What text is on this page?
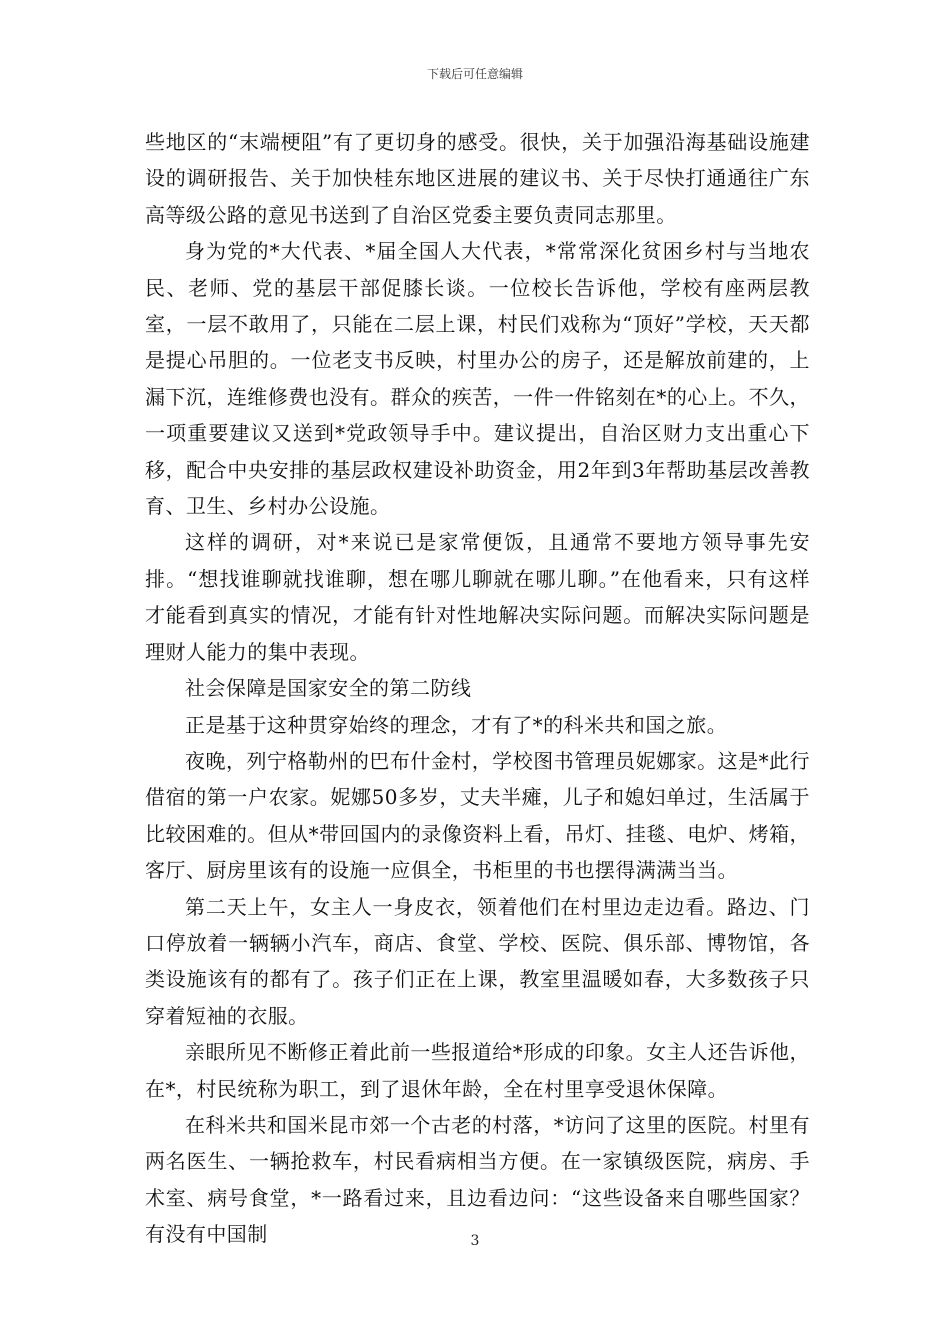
下载后可任意编辑

些地区的“末端梗阻”有了更切身的感受。很快，关于加强沿海基础设施建设的调研报告、关于加快桂东地区进展的建议书、关于尽快打通通往广东高等级公路的意见书送到了自治区党委主要负责同志那里。

身为党的*大代表、*届全国人大代表，*常常深化贫困乡村与当地农民、老师、党的基层干部促膝长谈。一位校长告诉他，学校有座两层教室，一层不敢用了，只能在二层上课，村民们戏称为“顶好”学校，天天都是提心吊胆的。一位老支书反映，村里办公的房子，还是解放前建的，上漏下沉，连维修费也没有。群众的疾苦，一件一件铭刻在*的心上。不久，一项重要建议又送到*党政领导手中。建议提出，自治区财力支出重心下移，配合中央安排的基层政权建设补助资金，用2年到3年帮助基层改善教育、卫生、乡村办公设施。

这样的调研，对*来说已是家常便饭，且通常不要地方领导事先安排。“想找谁聊就找谁聊，想在哪儿聊就在哪儿聊。”在他看来，只有这样才能看到真实的情况，才能有针对性地解决实际问题。而解决实际问题是理财人能力的集中表现。

社会保障是国家安全的第二防线

正是基于这种贯穿始终的理念，才有了*的科米共和国之旅。

夜晚，列宁格勒州的巴布什金村，学校图书管理员妮娜家。这是*此行借宿的第一户农家。妮娜50多岁，丈夫半瘫，儿子和媳妇单过，生活属于比较困难的。但从*带回国内的录像资料上看，吊灯、挂毯、电炉、烤箱，客厅、厨房里该有的设施一应俱全，书柜里的书也摆得满满当当。

第二天上午，女主人一身皮衣，领着他们在村里边走边看。路边、门口停放着一辆辆小汽车，商店、食堂、学校、医院、俱乐部、博物馆，各类设施该有的都有了。孩子们正在上课，教室里温暖如春，大多数孩子只穿着短袖的衣服。

亲眼所见不断修正着此前一些报道给*形成的印象。女主人还告诉他，在*，村民统称为职工，到了退休年龄，全在村里享受退休保障。

在科米共和国米昆市郊一个古老的村落，*访问了这里的医院。村里有两名医生、一辆抢救车，村民看病相当方便。在一家镇级医院，病房、手术室、病号食堂，*一路看过来，且边看边问：“这些设备来自哪些国家？有没有中国制	3
